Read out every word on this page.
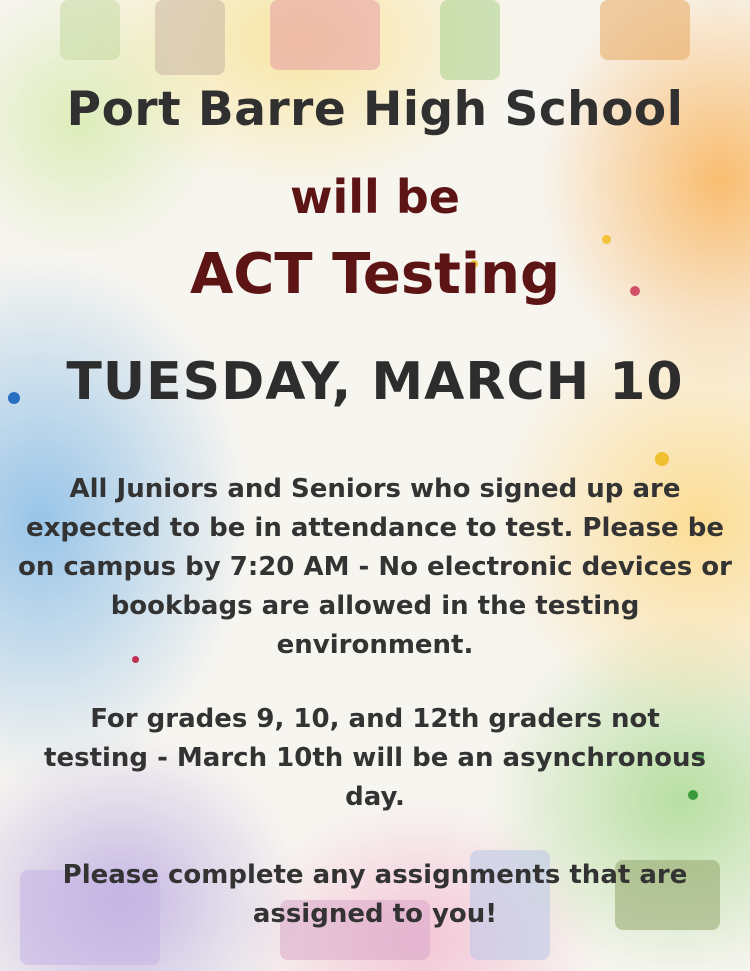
Port Barre High School
will be
ACT Testing
TUESDAY, MARCH 10
All Juniors and Seniors who signed up are expected to be in attendance to test. Please be on campus by 7:20 AM - No electronic devices or bookbags are allowed in the testing environment.
For grades 9, 10, and 12th graders not testing - March 10th will be an asynchronous day.
Please complete any assignments that are assigned to you!
